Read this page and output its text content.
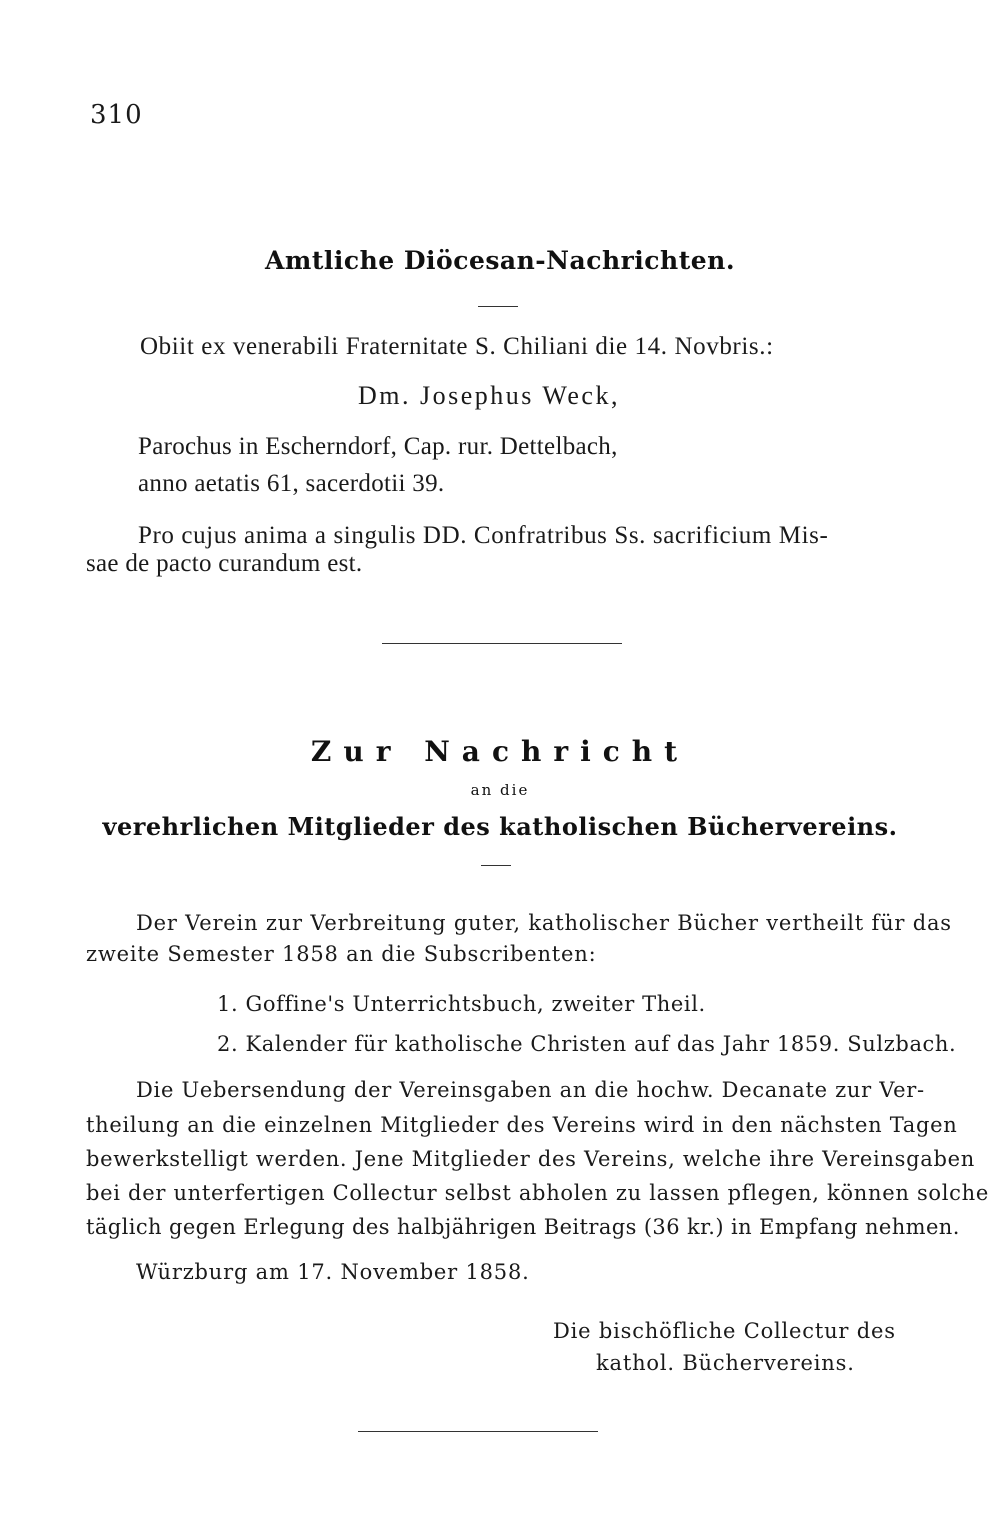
310
Amtliche Diöcesan-Nachrichten.
Obiit ex venerabili Fraternitate S. Chiliani die 14. Novbris.:
Dm. Josephus Weck,
Parochus in Escherndorf, Cap. rur. Dettelbach,
anno aetatis 61, sacerdotii 39.
Pro cujus anima a singulis DD. Confratribus Ss. sacrificium Mis-
sae de pacto curandum est.
Zur Nachricht
an die
verehrlichen Mitglieder des katholischen Büchervereins.
Der Verein zur Verbreitung guter, katholischer Bücher vertheilt für das
zweite Semester 1858 an die Subscribenten:
1. Goffine's Unterrichtsbuch, zweiter Theil.
2. Kalender für katholische Christen auf das Jahr 1859. Sulzbach.
Die Uebersendung der Vereinsgaben an die hochw. Decanate zur Ver-
theilung an die einzelnen Mitglieder des Vereins wird in den nächsten Tagen
bewerkstelligt werden. Jene Mitglieder des Vereins, welche ihre Vereinsgaben
bei der unterfertigen Collectur selbst abholen zu lassen pflegen, können solche
täglich gegen Erlegung des halbjährigen Beitrags (36 kr.) in Empfang nehmen.
Würzburg am 17. November 1858.
Die bischöfliche Collectur des
kathol. Büchervereins.
